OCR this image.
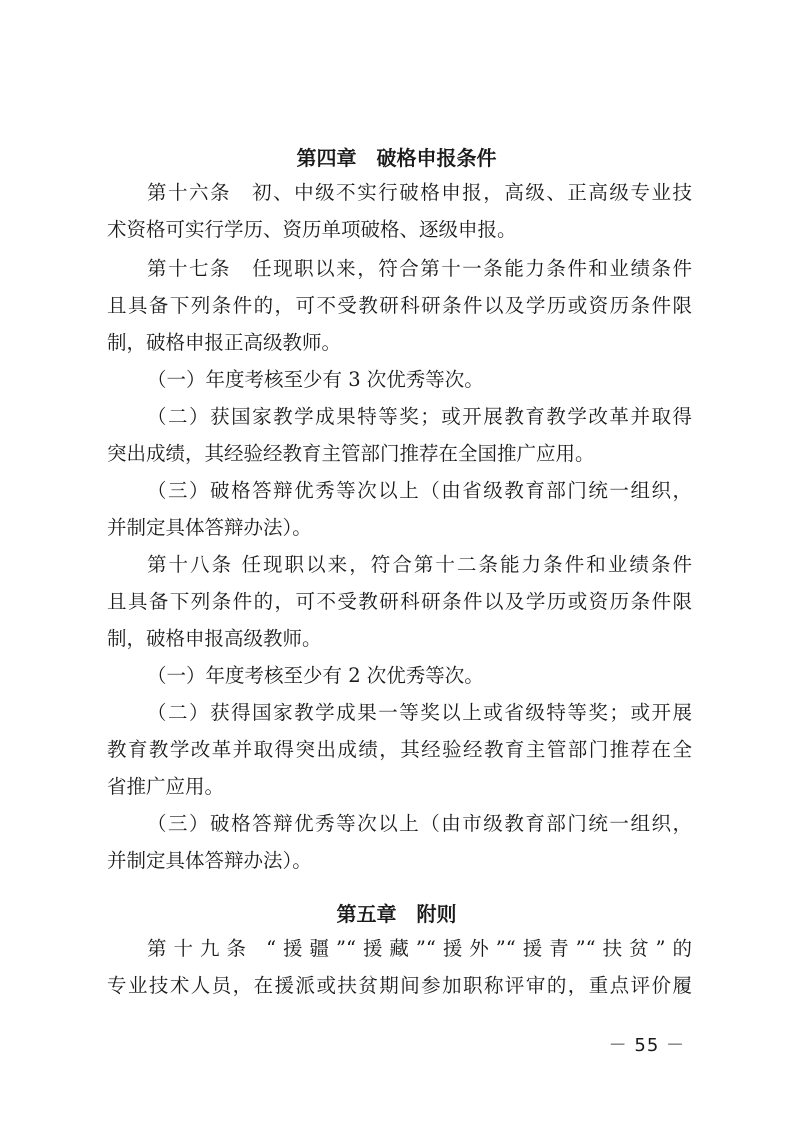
第四章　破格申报条件
第十六条　初、中级不实行破格申报，高级、正高级专业技
术资格可实行学历、资历单项破格、逐级申报。
第十七条　任现职以来，符合第十一条能力条件和业绩条件
且具备下列条件的，可不受教研科研条件以及学历或资历条件限
制，破格申报正高级教师。
（一）年度考核至少有 3 次优秀等次。
（二）获国家教学成果特等奖；或开展教育教学改革并取得
突出成绩，其经验经教育主管部门推荐在全国推广应用。
（三）破格答辩优秀等次以上（由省级教育部门统一组织，
并制定具体答辩办法）。
第十八条 任现职以来，符合第十二条能力条件和业绩条件
且具备下列条件的，可不受教研科研条件以及学历或资历条件限
制，破格申报高级教师。
（一）年度考核至少有 2 次优秀等次。
（二）获得国家教学成果一等奖以上或省级特等奖；或开展
教育教学改革并取得突出成绩，其经验经教育主管部门推荐在全
省推广应用。
（三）破格答辩优秀等次以上（由市级教育部门统一组织，
并制定具体答辩办法）。
第五章　附则
第十九条 “援疆”“援藏”“援外”“援青”“扶贫”的
专业技术人员，在援派或扶贫期间参加职称评审的，重点评价履
－ 55 －
